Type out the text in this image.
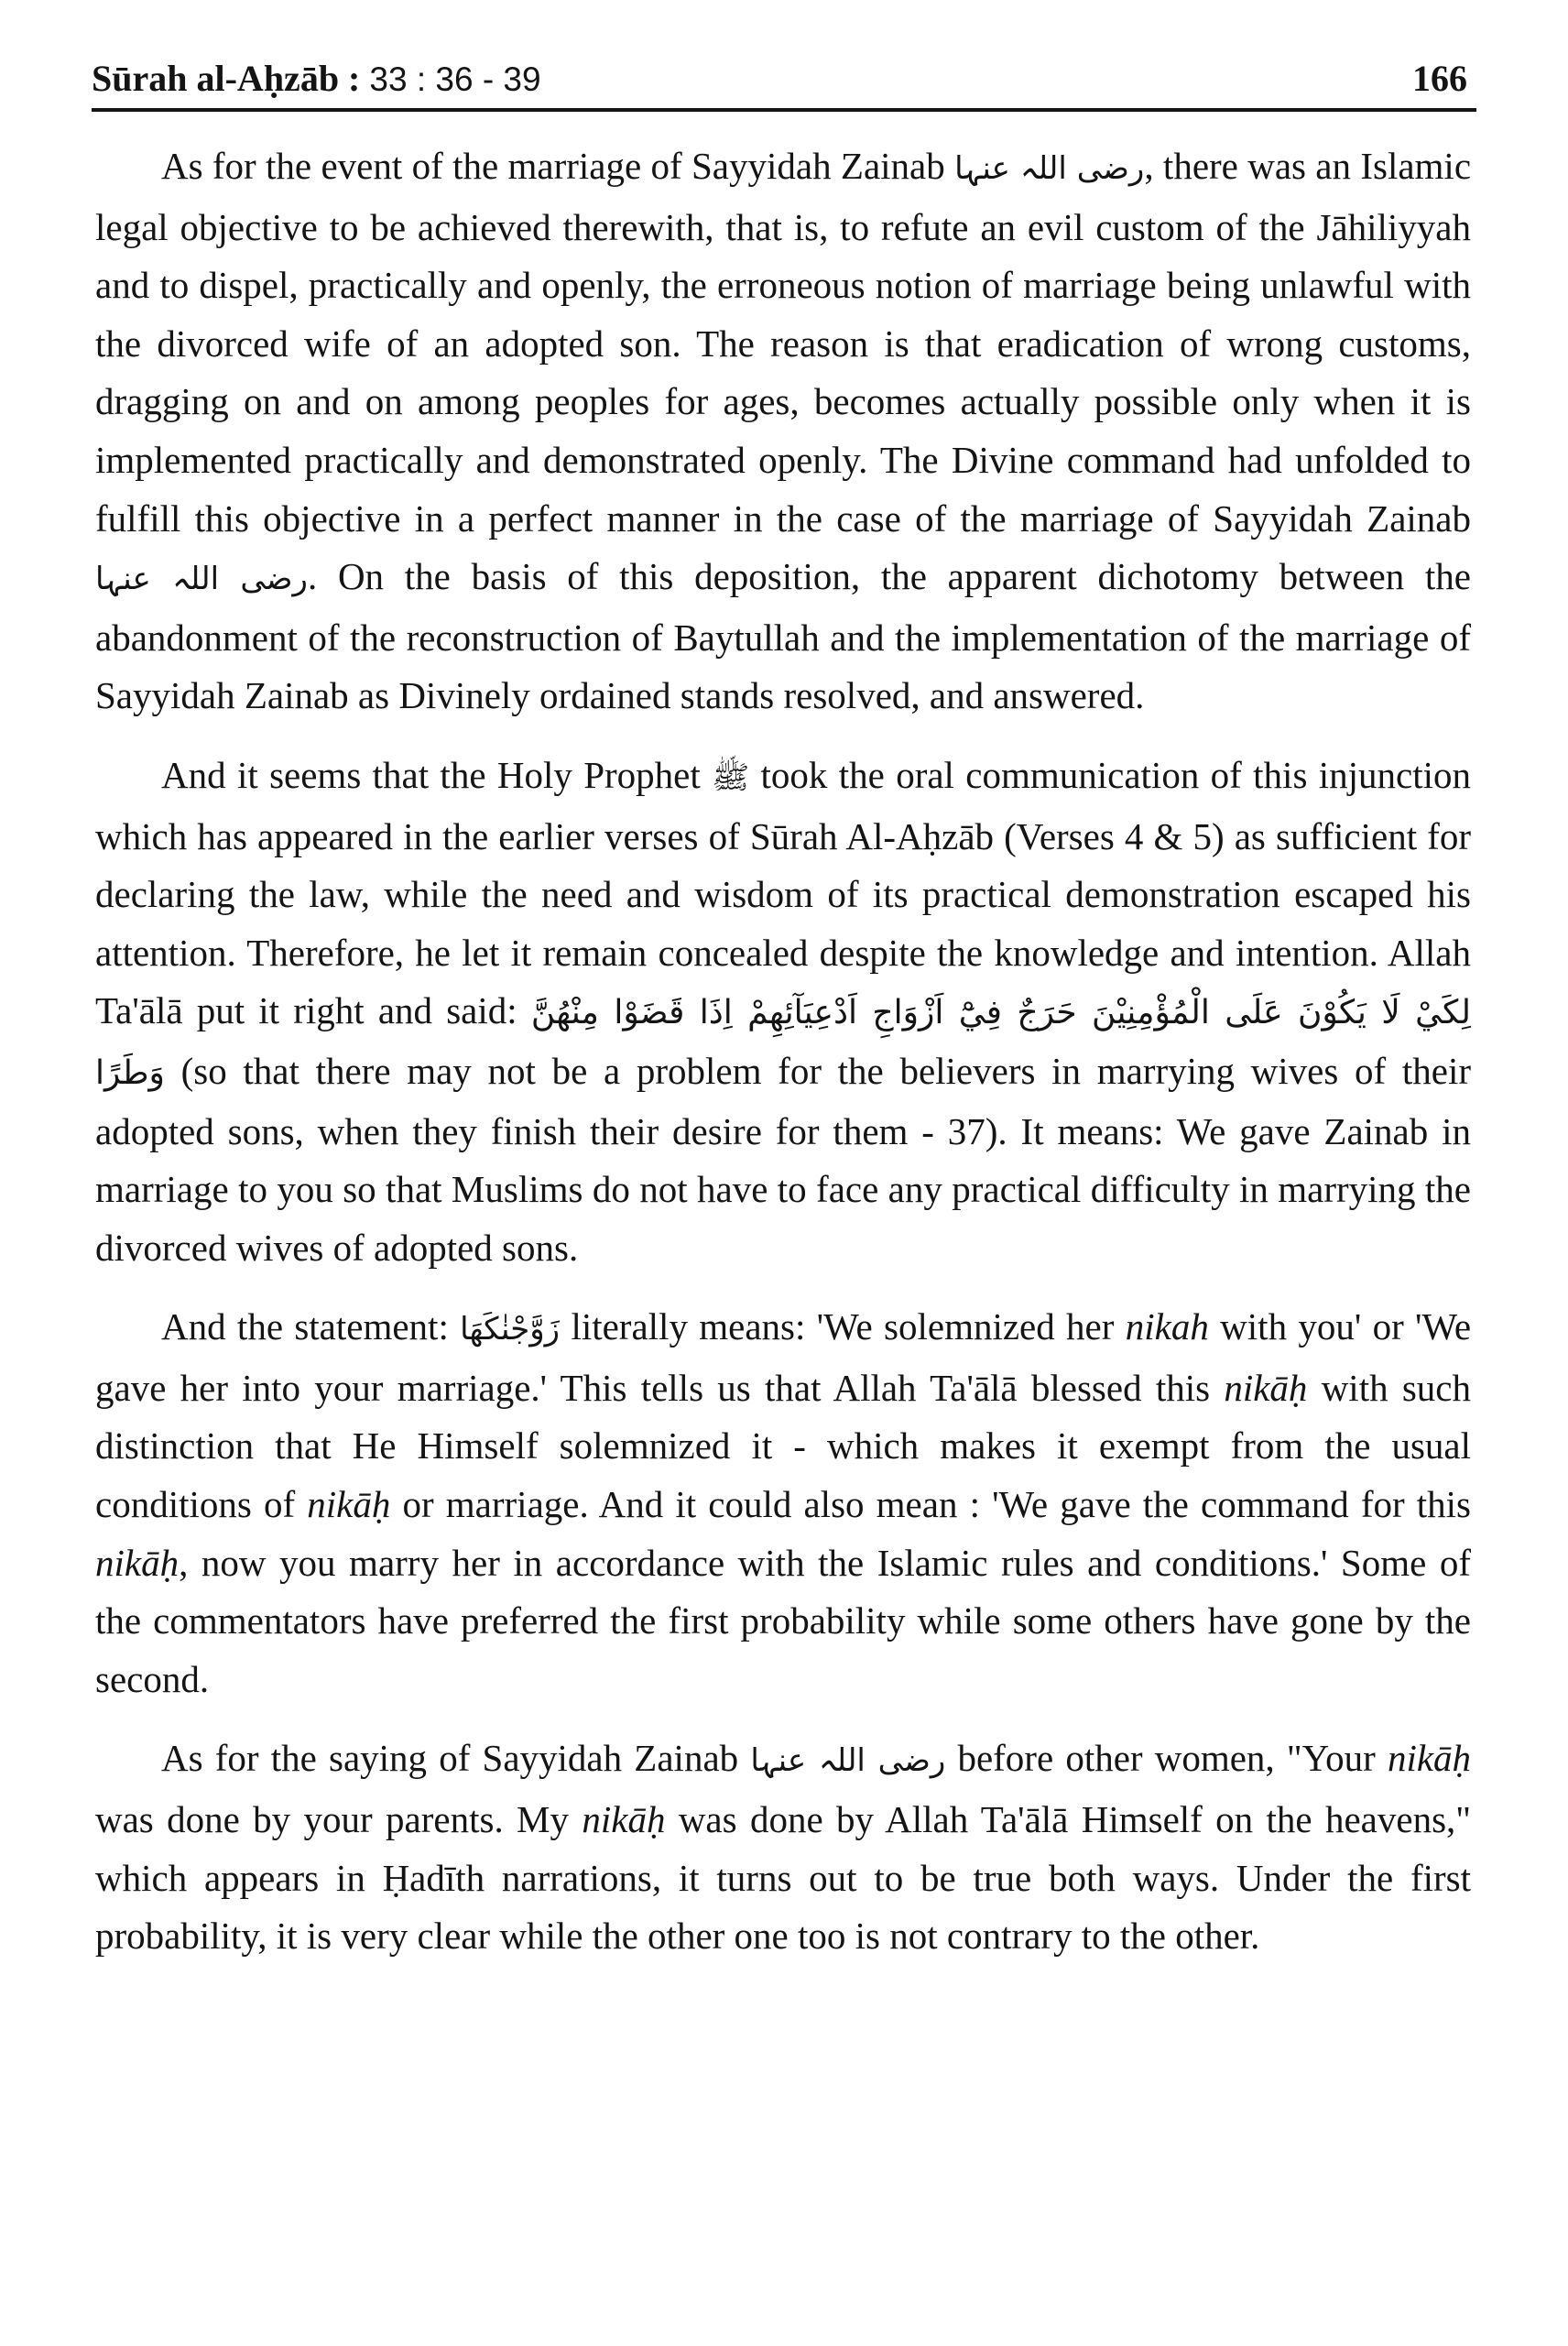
Sūrah al-Aḥzāb : 33 : 36 - 39	166

As for the event of the marriage of Sayyidah Zainab رضی اللہ عنہا, there was an Islamic legal objective to be achieved therewith, that is, to refute an evil custom of the Jāhiliyyah and to dispel, practically and openly, the erroneous notion of marriage being unlawful with the divorced wife of an adopted son. The reason is that eradication of wrong customs, dragging on and on among peoples for ages, becomes actually possible only when it is implemented practically and demonstrated openly. The Divine command had unfolded to fulfill this objective in a perfect manner in the case of the marriage of Sayyidah Zainab رضی اللہ عنہا. On the basis of this deposition, the apparent dichotomy between the abandonment of the reconstruction of Baytullah and the implementation of the marriage of Sayyidah Zainab as Divinely ordained stands resolved, and answered.

And it seems that the Holy Prophet ﷺ took the oral communication of this injunction which has appeared in the earlier verses of Sūrah Al-Aḥzāb (Verses 4 & 5) as sufficient for declaring the law, while the need and wisdom of its practical demonstration escaped his attention. Therefore, he let it remain concealed despite the knowledge and intention. Allah Ta'ālā put it right and said: لِكَيْ لَا يَكُوْنَ عَلَى الْمُؤْمِنِيْنَ حَرَجٌ فِيْٓ اَزْوَاجِ اَدْعِيَآئِهِمْ اِذَا قَضَوْا مِنْهُنَّ وَطَرًا (so that there may not be a problem for the believers in marrying wives of their adopted sons, when they finish their desire for them - 37). It means: We gave Zainab in marriage to you so that Muslims do not have to face any practical difficulty in marrying the divorced wives of adopted sons.

And the statement: زَوَّجْنٰكَهَا literally means: 'We solemnized her nikah with you' or 'We gave her into your marriage.' This tells us that Allah Ta'ālā blessed this nikāḥ with such distinction that He Himself solemnized it - which makes it exempt from the usual conditions of nikāḥ or marriage. And it could also mean : 'We gave the command for this nikāḥ, now you marry her in accordance with the Islamic rules and conditions.' Some of the commentators have preferred the first probability while some others have gone by the second.

As for the saying of Sayyidah Zainab رضی اللہ عنہا before other women, "Your nikāḥ was done by your parents. My nikāḥ was done by Allah Ta'ālā Himself on the heavens," which appears in Ḥadīth narrations, it turns out to be true both ways. Under the first probability, it is very clear while the other one too is not contrary to the other.
